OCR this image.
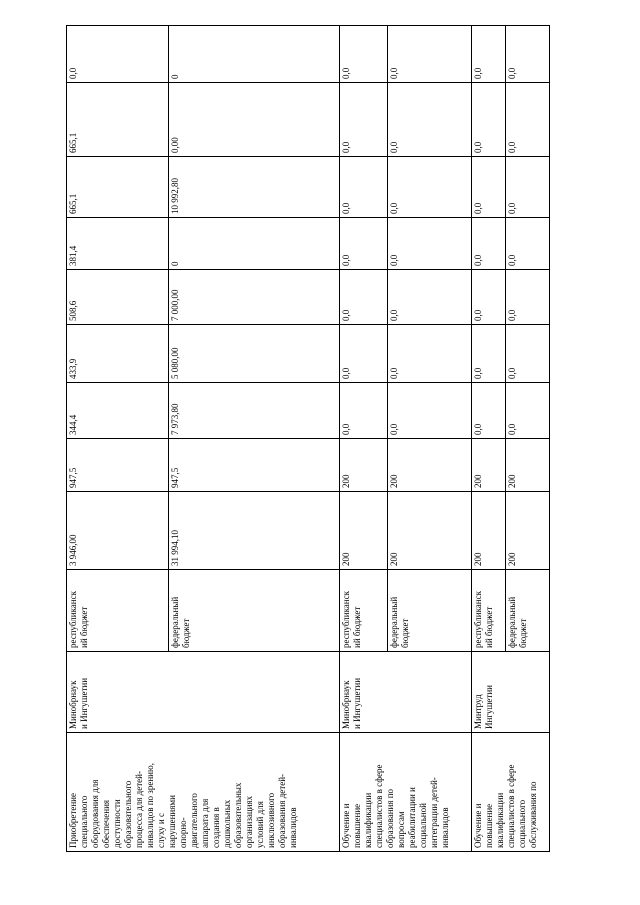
Приобретение специального оборудования для обеспечения доступности образовательного процесса для детей- инвалидов по зрению, слуху и с нарушениями опорно- двигательного аппарата для создания в дошкольных образовательных организациях условий для инклюзивного образования детей- инвалидов
Минобрнаук и Ингушетии
республиканск ий бюджет
3 946,00
947,5
344,4
433,9
508,6
381,4
665,1
665,1
0,0
федеральный бюджет
31 994,10
947,5
7 973,80
5 080,00
7 000,00
0
10 992,80
0,00
0
Обучение и повышение квалификации специалистов в сфере образования по вопросам реабилитации и социальной интеграции детей- инвалидов
Минобрнаук и Ингушетии
республиканск ий бюджет
200
200
0,0
0,0
0,0
0,0
0,0
0,0
0,0
федеральный бюджет
200
200
0,0
0,0
0,0
0,0
0,0
0,0
0,0
Обучение и повышение квалификации специалистов в сфере социального обслуживания по
Минтруд Ингушетии
республиканск ий бюджет
200
200
0,0
0,0
0,0
0,0
0,0
0,0
0,0
федеральный бюджет
200
200
0,0
0,0
0,0
0,0
0,0
0,0
0,0
